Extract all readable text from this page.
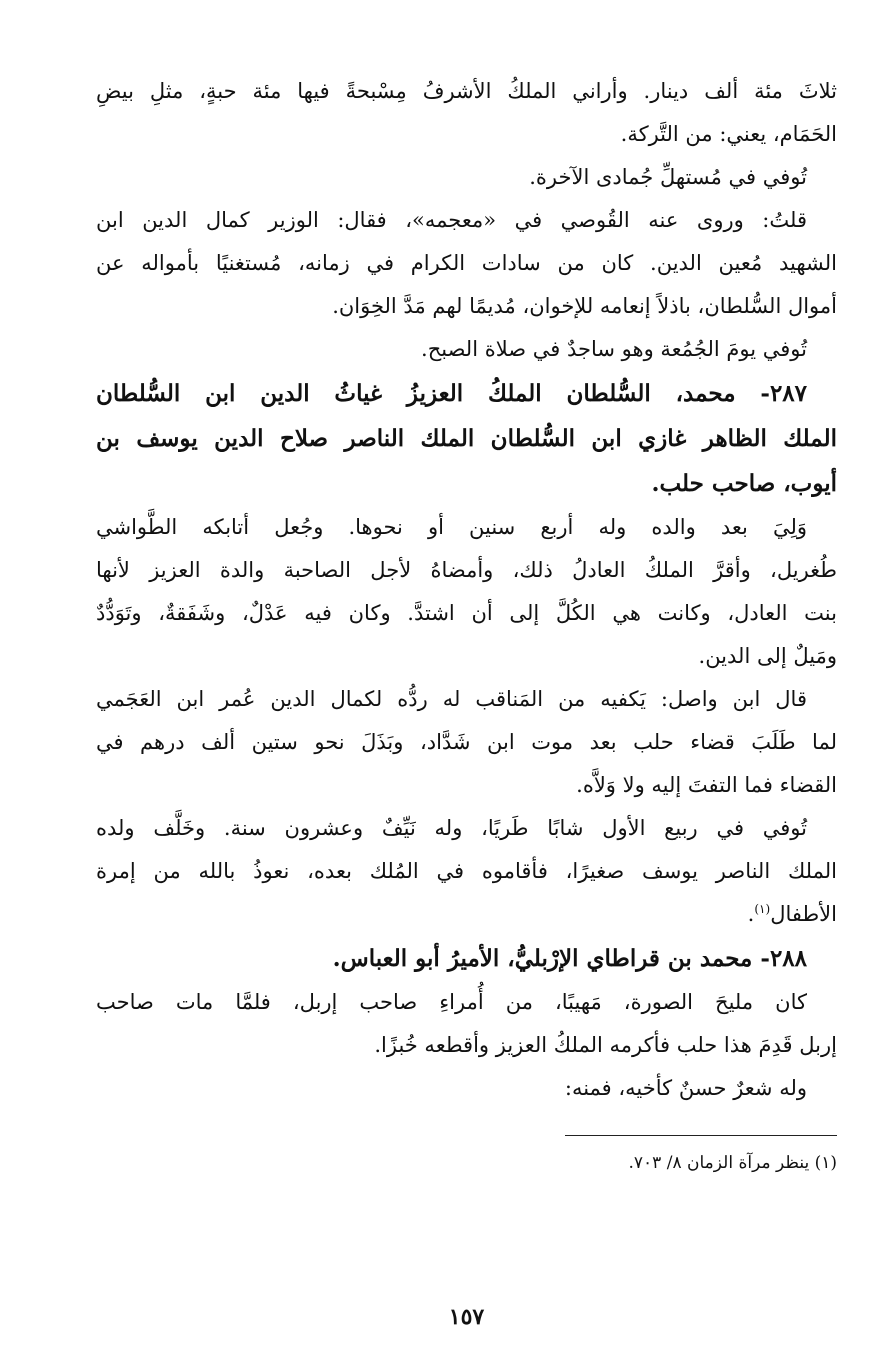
ثلاثَ مئة ألف دينار. وأراني الملكُ الأشرفُ مِسْبحةً فيها مئة حبةٍ، مثلِ بيضِ
الحَمَام، يعني: من التَّركة.
تُوفي في مُستهلِّ جُمادى الآخرة.
قلتُ: وروى عنه القُوصي في «معجمه»، فقال: الوزير كمال الدين ابن
الشهيد مُعين الدين. كان من سادات الكرام في زمانه، مُستغنيًا بأمواله عن
أموال السُّلطان، باذلاً إنعامه للإخوان، مُديمًا لهم مَدَّ الخِوَان.
تُوفي يومَ الجُمُعة وهو ساجدٌ في صلاة الصبح.
٢٨٧- محمد، السُّلطان الملكُ العزيزُ غياثُ الدين ابن السُّلطان
الملك الظاهر غازي ابن السُّلطان الملك الناصر صلاح الدين يوسف بن
أيوب، صاحب حلب.
وَلِيَ بعد والده وله أربع سنين أو نحوها. وجُعل أتابكه الطَّواشي
طُغريل، وأقرَّ الملكُ العادلُ ذلك، وأمضاهُ لأجل الصاحبة والدة العزيز لأنها
بنت العادل، وكانت هي الكُلَّ إلى أن اشتدَّ. وكان فيه عَدْلٌ، وشَفَقةٌ، وتَوَدُّدٌ
ومَيلٌ إلى الدين.
قال ابن واصل: يَكفيه من المَناقب له ردُّه لكمال الدين عُمر ابن العَجَمي
لما طَلَبَ قضاء حلب بعد موت ابن شَدَّاد، وبَذَلَ نحو ستين ألف درهم في
القضاء فما التفتَ إليه ولا وَلاَّه.
تُوفي في ربيع الأول شابًا طَريًا، وله نَيِّفٌ وعشرون سنة. وخَلَّف ولده
الملك الناصر يوسف صغيرًا، فأقاموه في المُلك بعده، نعوذُ بالله من إمرة
الأطفال$^{(١)}$.
٢٨٨- محمد بن قراطاي الإرْبليُّ، الأميرُ أبو العباس.
كان مليحَ الصورة، مَهيبًا، من أُمراءِ صاحب إربل، فلمَّا مات صاحب
إربل قَدِمَ هذا حلب فأكرمه الملكُ العزيز وأقطعه خُبزًا.
وله شعرٌ حسنٌ كأخيه، فمنه:
(١) ينظر مرآة الزمان ٨/ ٧٠٣.
١٥٧
